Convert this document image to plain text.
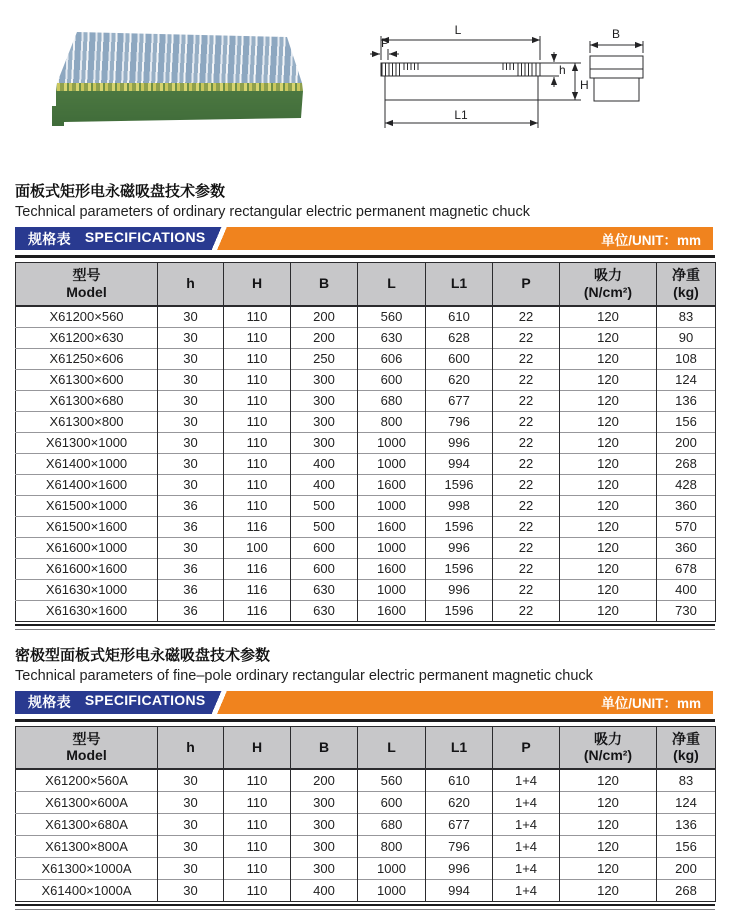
L
P
h
H
L1
B
面板式矩形电永磁吸盘技术参数
Technical parameters of ordinary rectangular electric permanent magnetic chuck
规格表 SPECIFICATIONS	单位/UNIT：mm
型号
Model

h	H	B	L	L1	P

吸力
(N/cm²)

净重
(kg)

X61200×560	30	110	200	560	610	22	120	83
X61200×630	30	110	200	630	628	22	120	90
X61250×606	30	110	250	606	600	22	120	108
X61300×600	30	110	300	600	620	22	120	124
X61300×680	30	110	300	680	677	22	120	136
X61300×800	30	110	300	800	796	22	120	156
X61300×1000	30	110	300	1000	996	22	120	200
X61400×1000	30	110	400	1000	994	22	120	268
X61400×1600	30	110	400	1600	1596	22	120	428
X61500×1000	36	110	500	1000	998	22	120	360
X61500×1600	36	116	500	1600	1596	22	120	570
X61600×1000	30	100	600	1000	996	22	120	360
X61600×1600	36	116	600	1600	1596	22	120	678
X61630×1000	36	116	630	1000	996	22	120	400
X61630×1600	36	116	630	1600	1596	22	120	730
密极型面板式矩形电永磁吸盘技术参数
Technical parameters of fine–pole ordinary rectangular electric permanent magnetic chuck
规格表 SPECIFICATIONS	单位/UNIT：mm
型号
Model

h	H	B	L	L1	P

吸力
(N/cm²)

净重
(kg)

X61200×560A	30	110	200	560	610	1+4	120	83
X61300×600A	30	110	300	600	620	1+4	120	124
X61300×680A	30	110	300	680	677	1+4	120	136
X61300×800A	30	110	300	800	796	1+4	120	156
X61300×1000A	30	110	300	1000	996	1+4	120	200
X61400×1000A	30	110	400	1000	994	1+4	120	268
